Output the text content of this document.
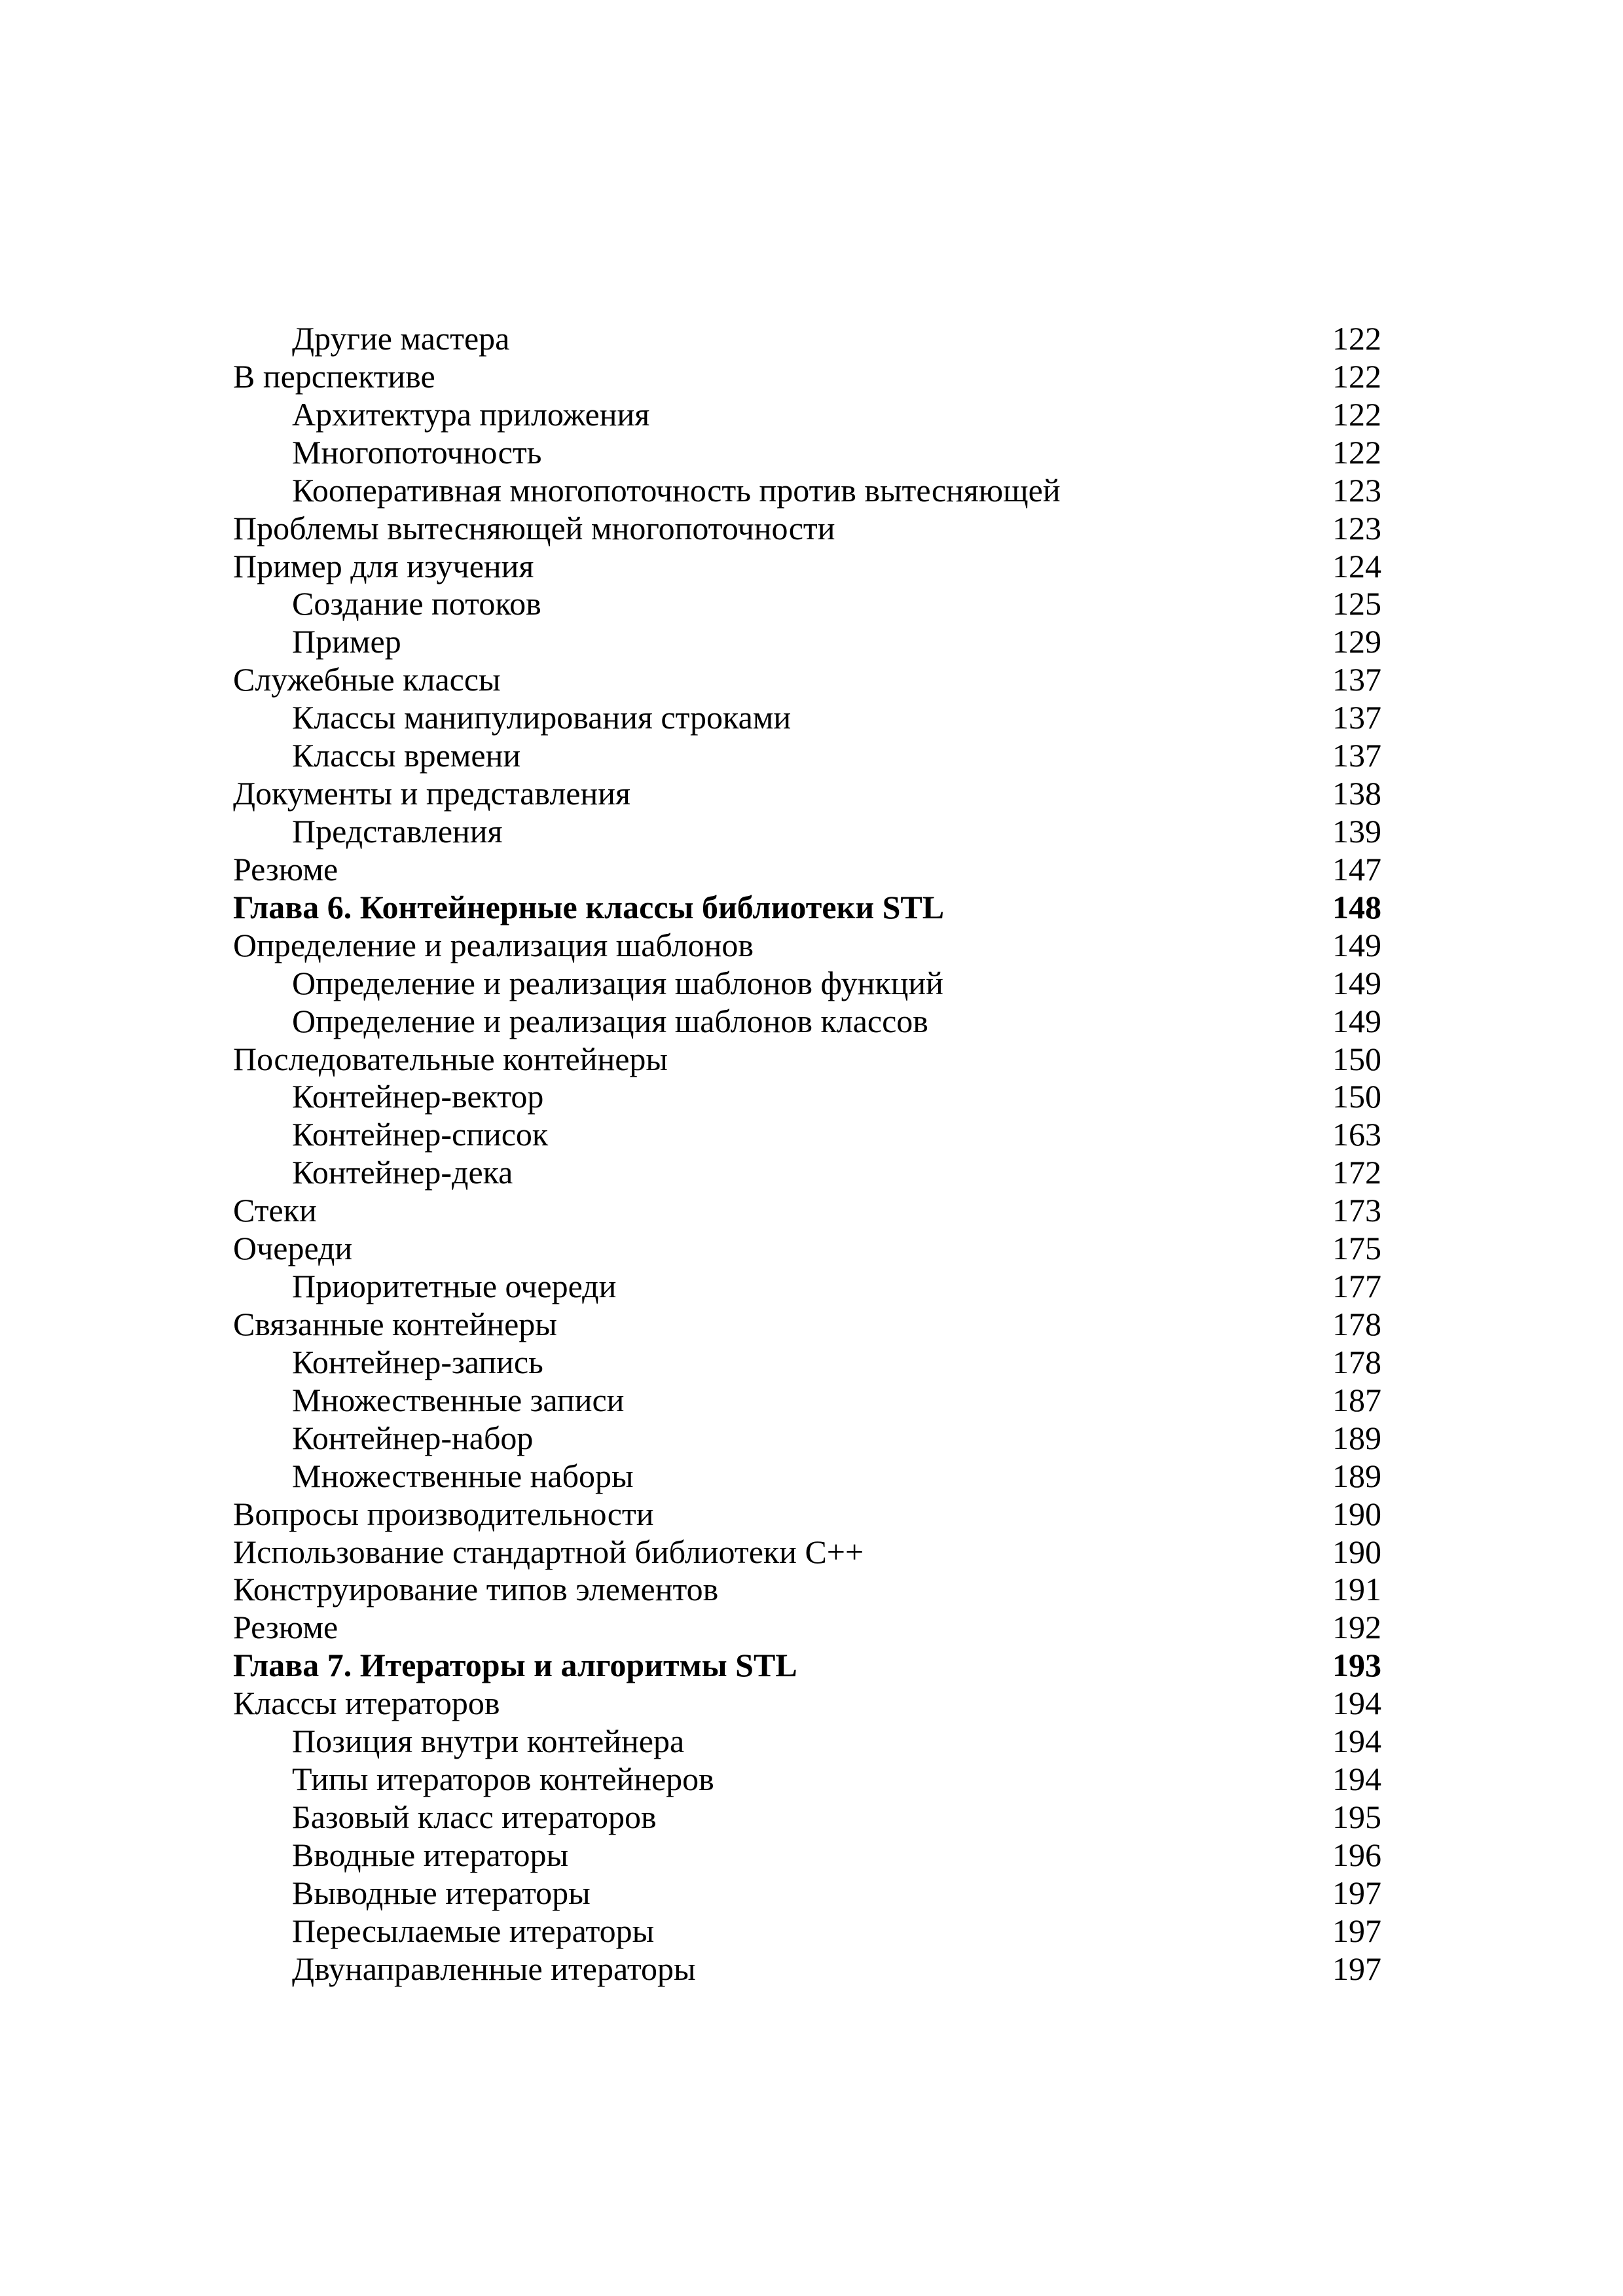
Другие мастера	122
В перспективе	122
Архитектура приложения	122
Многопоточность	122
Кооперативная многопоточность против вытесняющей	123
Проблемы вытесняющей многопоточности	123
Пример для изучения	124
Создание потоков	125
Пример	129
Служебные классы	137
Классы манипулирования строками	137
Классы времени	137
Документы и представления	138
Представления	139
Резюме	147
Глава 6. Контейнерные классы библиотеки STL	148
Определение и реализация шаблонов	149
Определение и реализация шаблонов функций	149
Определение и реализация шаблонов классов	149
Последовательные контейнеры	150
Контейнер-вектор	150
Контейнер-список	163
Контейнер-дека	172
Стеки	173
Очереди	175
Приоритетные очереди	177
Связанные контейнеры	178
Контейнер-запись	178
Множественные записи	187
Контейнер-набор	189
Множественные наборы	189
Вопросы производительности	190
Использование стандартной библиотеки C++	190
Конструирование типов элементов	191
Резюме	192
Глава 7. Итераторы и алгоритмы STL	193
Классы итераторов	194
Позиция внутри контейнера	194
Типы итераторов контейнеров	194
Базовый класс итераторов	195
Вводные итераторы	196
Выводные итераторы	197
Пересылаемые итераторы	197
Двунаправленные итераторы	197
